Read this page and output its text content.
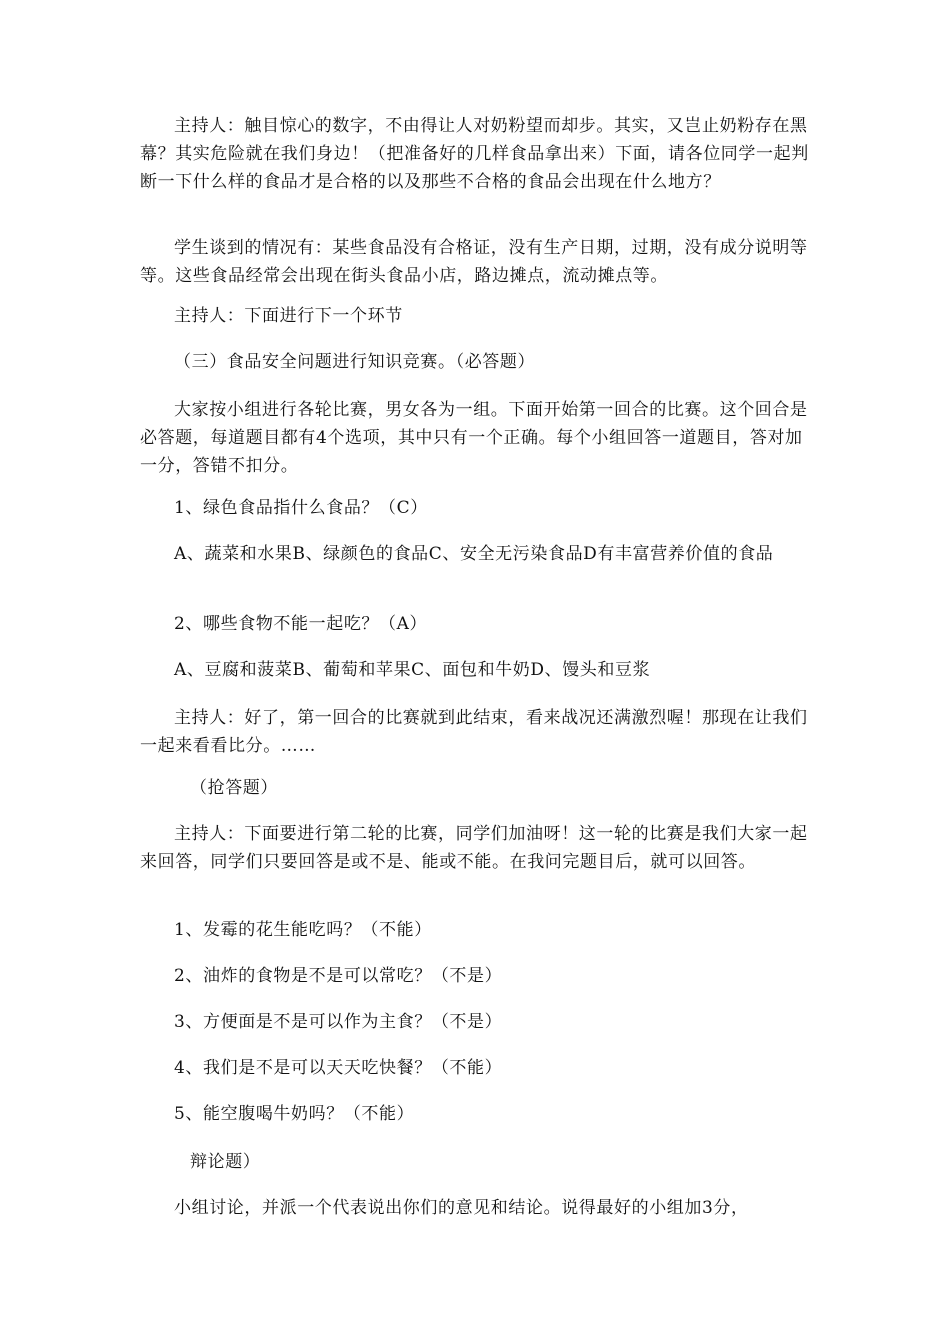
主持人：触目惊心的数字，不由得让人对奶粉望而却步。其实，又岂止奶粉存在黑幕？其实危险就在我们身边！（把准备好的几样食品拿出来）下面，请各位同学一起判断一下什么样的食品才是合格的以及那些不合格的食品会出现在什么地方？

学生谈到的情况有：某些食品没有合格证，没有生产日期，过期，没有成分说明等等。这些食品经常会出现在街头食品小店，路边摊点，流动摊点等。

主持人：下面进行下一个环节

（三）食品安全问题进行知识竞赛。（必答题）

大家按小组进行各轮比赛，男女各为一组。下面开始第一回合的比赛。这个回合是必答题，每道题目都有4个选项，其中只有一个正确。每个小组回答一道题目，答对加一分，答错不扣分。

1、绿色食品指什么食品？（C）

A、蔬菜和水果B、绿颜色的食品C、安全无污染食品D有丰富营养价值的食品

2、哪些食物不能一起吃？（A）

A、豆腐和菠菜B、葡萄和苹果C、面包和牛奶D、馒头和豆浆

主持人：好了，第一回合的比赛就到此结束，看来战况还满激烈喔！那现在让我们一起来看看比分。……

（抢答题）

主持人：下面要进行第二轮的比赛，同学们加油呀！这一轮的比赛是我们大家一起来回答，同学们只要回答是或不是、能或不能。在我问完题目后，就可以回答。

1、发霉的花生能吃吗？（不能）

2、油炸的食物是不是可以常吃？（不是）

3、方便面是不是可以作为主食？（不是）

4、我们是不是可以天天吃快餐？（不能）

5、能空腹喝牛奶吗？（不能）

辩论题）

小组讨论，并派一个代表说出你们的意见和结论。说得最好的小组加3分，
